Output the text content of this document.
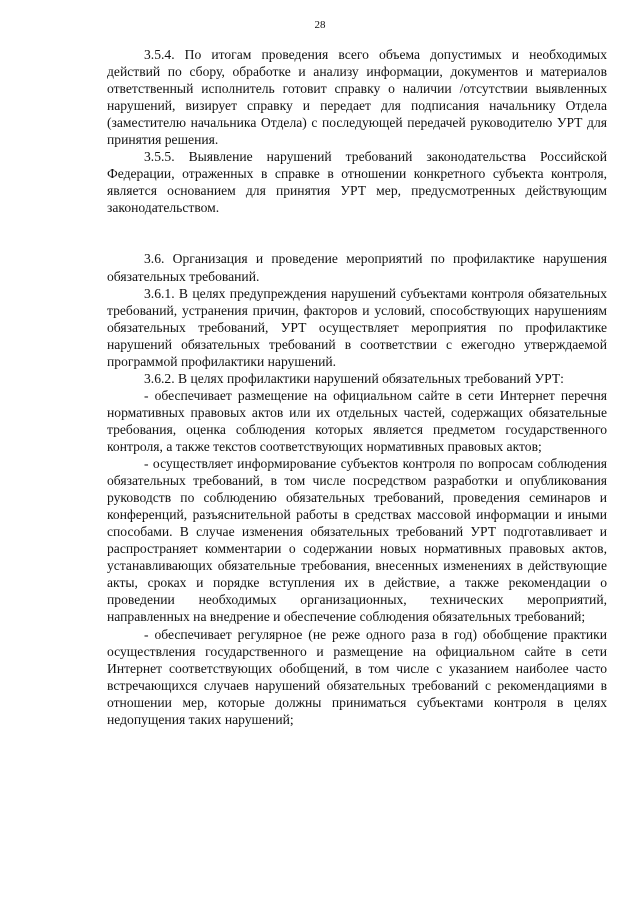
28

3.5.4. По итогам проведения всего объема допустимых и необходимых действий по сбору, обработке и анализу информации, документов и материалов ответственный исполнитель готовит справку о наличии /отсутствии выявленных нарушений, визирует справку и передает для подписания начальнику Отдела (заместителю начальника Отдела) с последующей передачей руководителю УРТ для принятия решения.

3.5.5. Выявление нарушений требований законодательства Российской Федерации, отраженных в справке в отношении конкретного субъекта контроля, является основанием для принятия УРТ мер, предусмотренных действующим законодательством.

3.6. Организация и проведение мероприятий по профилактике нарушения обязательных требований.

3.6.1. В целях предупреждения нарушений субъектами контроля обязательных требований, устранения причин, факторов и условий, способствующих нарушениям обязательных требований, УРТ осуществляет мероприятия по профилактике нарушений обязательных требований в соответствии с ежегодно утверждаемой программой профилактики нарушений.

3.6.2. В целях профилактики нарушений обязательных требований УРТ:

- обеспечивает размещение на официальном сайте в сети Интернет перечня нормативных правовых актов или их отдельных частей, содержащих обязательные требования, оценка соблюдения которых является предметом государственного контроля, а также текстов соответствующих нормативных правовых актов;

- осуществляет информирование субъектов контроля по вопросам соблюдения обязательных требований, в том числе посредством разработки и опубликования руководств по соблюдению обязательных требований, проведения семинаров и конференций, разъяснительной работы в средствах массовой информации и иными способами. В случае изменения обязательных требований УРТ подготавливает и распространяет комментарии о содержании новых нормативных правовых актов, устанавливающих обязательные требования, внесенных изменениях в действующие акты, сроках и порядке вступления их в действие, а также рекомендации о проведении необходимых организационных, технических мероприятий, направленных на внедрение и обеспечение соблюдения обязательных требований;

- обеспечивает регулярное (не реже одного раза в год) обобщение практики осуществления государственного и размещение на официальном сайте в сети Интернет соответствующих обобщений, в том числе с указанием наиболее часто встречающихся случаев нарушений обязательных требований с рекомендациями в отношении мер, которые должны приниматься субъектами контроля в целях недопущения таких нарушений;
